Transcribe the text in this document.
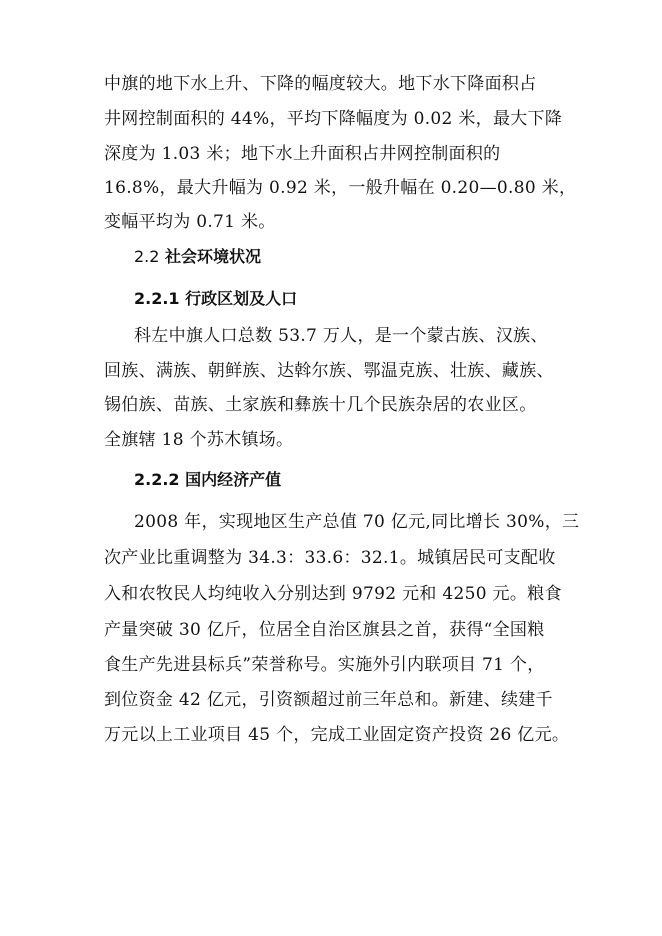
中旗的地下水上升、下降的幅度较大。地下水下降面积占
井网控制面积的 44%，平均下降幅度为 0.02 米，最大下降
深度为 1.03 米；地下水上升面积占井网控制面积的
16.8%，最大升幅为 0.92 米，一般升幅在 0.20—0.80 米，
变幅平均为 0.71 米。
2.2 社会环境状况
2.2.1 行政区划及人口
科左中旗人口总数 53.7 万人，是一个蒙古族、汉族、
回族、满族、朝鲜族、达斡尔族、鄂温克族、壮族、藏族、
锡伯族、苗族、土家族和彝族十几个民族杂居的农业区。
全旗辖 18 个苏木镇场。
2.2.2 国内经济产值
2008 年，实现地区生产总值 70 亿元,同比增长 30%，三
次产业比重调整为 34.3：33.6：32.1。城镇居民可支配收
入和农牧民人均纯收入分别达到 9792 元和 4250 元。粮食
产量突破 30 亿斤，位居全自治区旗县之首，获得“全国粮
食生产先进县标兵”荣誉称号。实施外引内联项目 71 个，
到位资金 42 亿元，引资额超过前三年总和。新建、续建千
万元以上工业项目 45 个，完成工业固定资产投资 26 亿元。
